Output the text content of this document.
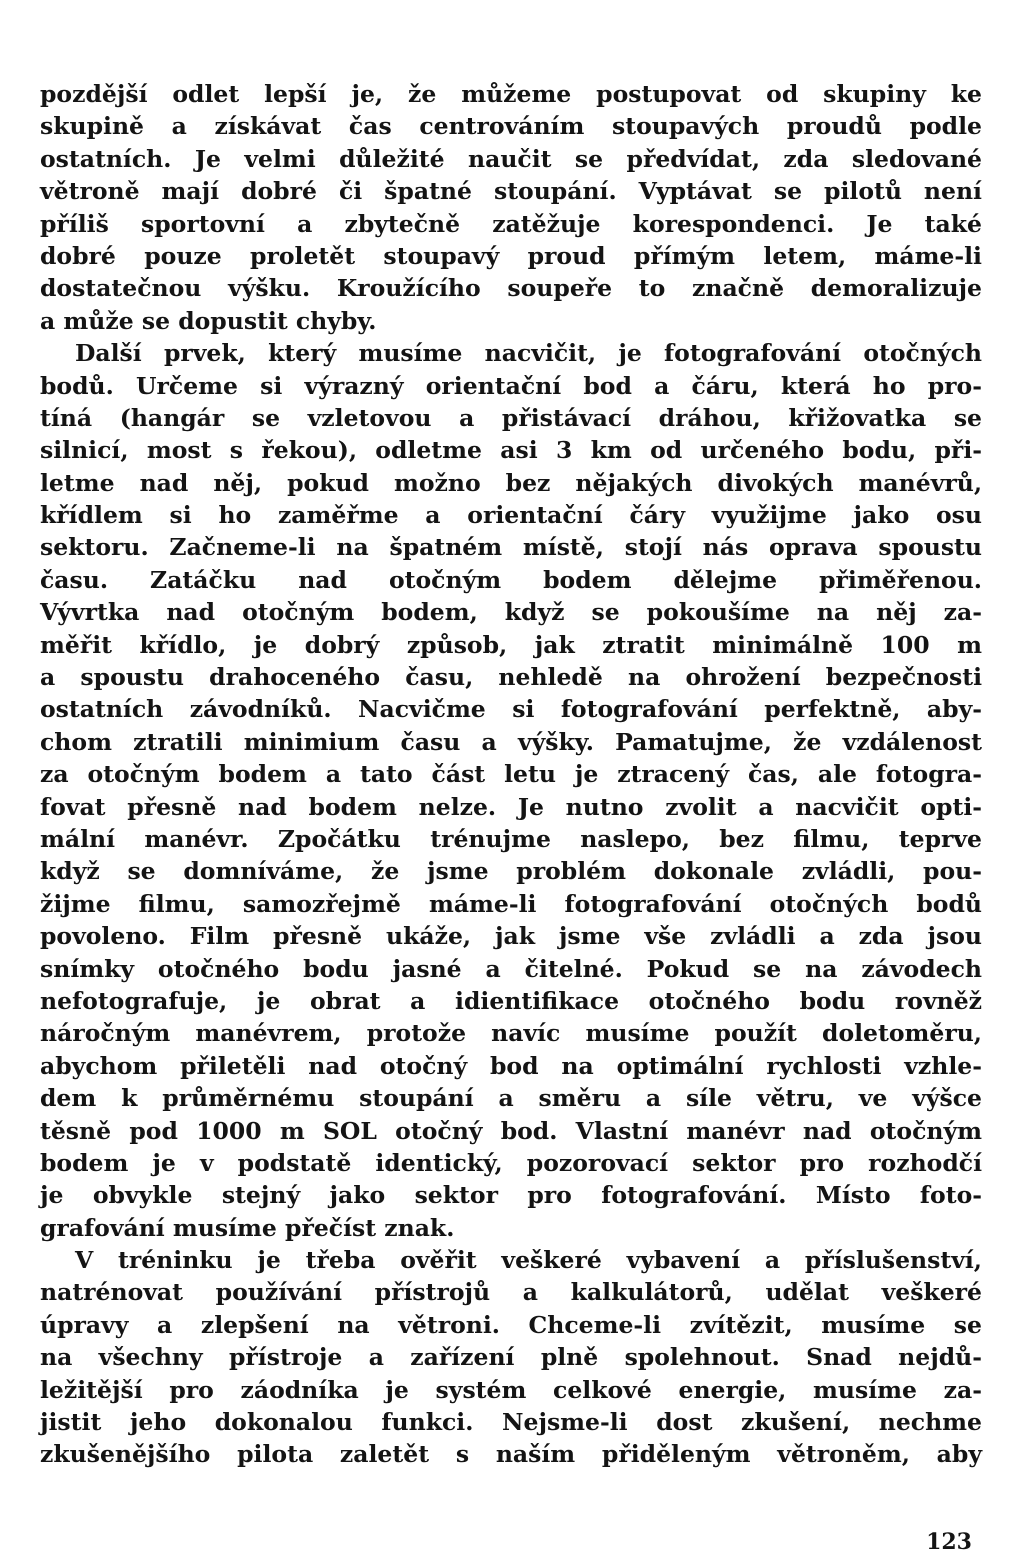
pozdější odlet lepší je, že můžeme postupovat od skupiny ke
skupině a získávat čas centrováním stoupavých proudů podle
ostatních. Je velmi důležité naučit se předvídat, zda sledované
větroně mají dobré či špatné stoupání. Vyptávat se pilotů není
příliš sportovní a zbytečně zatěžuje korespondenci. Je také
dobré pouze proletět stoupavý proud přímým letem, máme-li
dostatečnou výšku. Kroužícího soupeře to značně demoralizuje
a může se dopustit chyby.
Další prvek, který musíme nacvičit, je fotografování otočných
bodů. Určeme si výrazný orientační bod a čáru, která ho pro-
tíná (hangár se vzletovou a přistávací dráhou, křižovatka se
silnicí, most s řekou), odletme asi 3 km od určeného bodu, při-
letme nad něj, pokud možno bez nějakých divokých manévrů,
křídlem si ho zaměřme a orientační čáry využijme jako osu
sektoru. Začneme-li na špatném místě, stojí nás oprava spoustu
času. Zatáčku nad otočným bodem dělejme přiměřenou.
Vývrtka nad otočným bodem, když se pokoušíme na něj za-
měřit křídlo, je dobrý způsob, jak ztratit minimálně 100 m
a spoustu drahoceného času, nehledě na ohrožení bezpečnosti
ostatních závodníků. Nacvičme si fotografování perfektně, aby-
chom ztratili minimium času a výšky. Pamatujme, že vzdálenost
za otočným bodem a tato část letu je ztracený čas, ale fotogra-
fovat přesně nad bodem nelze. Je nutno zvolit a nacvičit opti-
mální manévr. Zpočátku trénujme naslepo, bez filmu, teprve
když se domníváme, že jsme problém dokonale zvládli, pou-
žijme filmu, samozřejmě máme-li fotografování otočných bodů
povoleno. Film přesně ukáže, jak jsme vše zvládli a zda jsou
snímky otočného bodu jasné a čitelné. Pokud se na závodech
nefotografuje, je obrat a idientifikace otočného bodu rovněž
náročným manévrem, protože navíc musíme použít doletoměru,
abychom přiletěli nad otočný bod na optimální rychlosti vzhle-
dem k průměrnému stoupání a směru a síle větru, ve výšce
těsně pod 1000 m SOL otočný bod. Vlastní manévr nad otočným
bodem je v podstatě identický, pozorovací sektor pro rozhodčí
je obvykle stejný jako sektor pro fotografování. Místo foto-
grafování musíme přečíst znak.
V tréninku je třeba ověřit veškeré vybavení a příslušenství,
natrénovat používání přístrojů a kalkulátorů, udělat veškeré
úpravy a zlepšení na větroni. Chceme-li zvítězit, musíme se
na všechny přístroje a zařízení plně spolehnout. Snad nejdů-
ležitější pro záodníka je systém celkové energie, musíme za-
jistit jeho dokonalou funkci. Nejsme-li dost zkušení, nechme
zkušenějšího pilota zaletět s naším přiděleným větroněm, aby
123
